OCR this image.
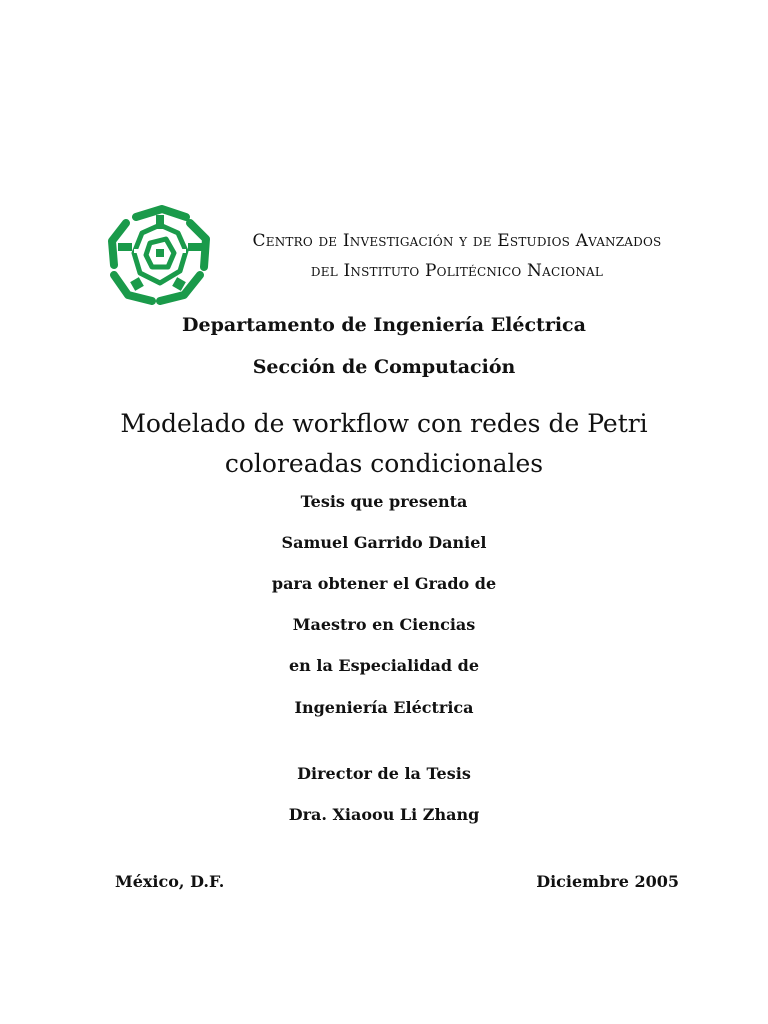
Centro de Investigación y de Estudios Avanzados
del Instituto Politécnico Nacional
Departamento de Ingeniería Eléctrica
Sección de Computación
Modelado de workflow con redes de Petri
coloreadas condicionales
Tesis que presenta
Samuel Garrido Daniel
para obtener el Grado de
Maestro en Ciencias
en la Especialidad de
Ingeniería Eléctrica
Director de la Tesis
Dra. Xiaoou Li Zhang
México, D.F.	Diciembre 2005
